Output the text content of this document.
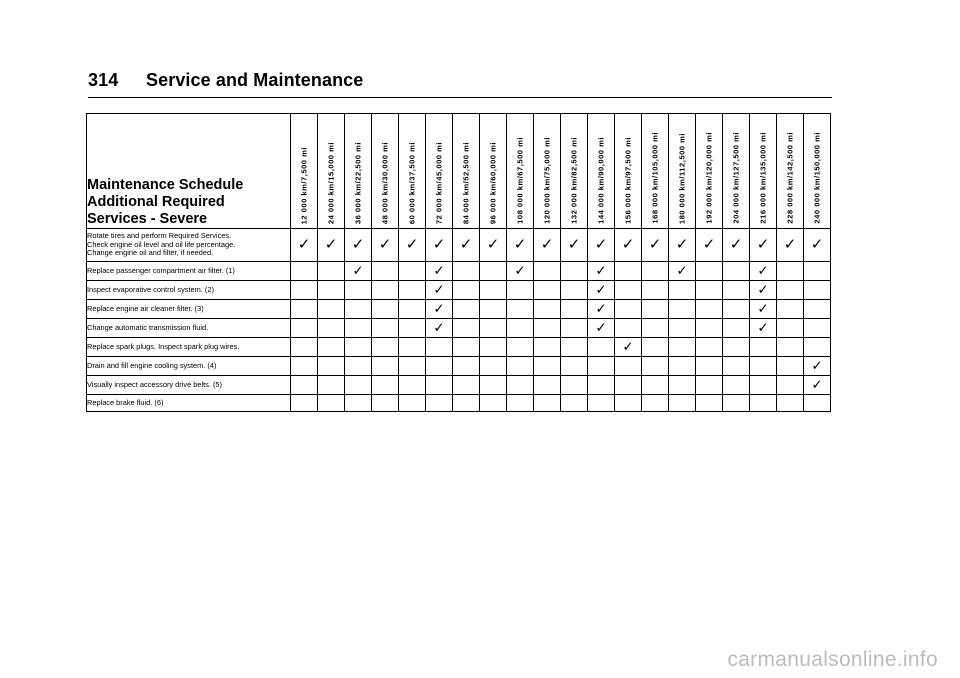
314 Service and Maintenance
Maintenance Schedule
Additional Required
Services - Severe	12 000 km/7,500 mi	24 000 km/15,000 mi	36 000 km/22,500 mi	48 000 km/30,000 mi	60 000 km/37,500 mi	72 000 km/45,000 mi	84 000 km/52,500 mi	96 000 km/60,000 mi	108 000 km/67,500 mi	120 000 km/75,000 mi	132 000 km/82,500 mi	144 000 km/90,000 mi	156 000 km/97,500 mi	168 000 km/105,000 mi	180 000 km/112,500 mi	192 000 km/120,000 mi	204 000 km/127,500 mi	216 000 km/135,000 mi	228 000 km/142,500 mi	240 000 km/150,000 mi

Rotate tires and perform Required Services.
Check engine oil level and oil life percentage.
Change engine oil and filter, if needed.	✓	✓	✓	✓	✓	✓	✓	✓	✓	✓	✓	✓	✓	✓	✓	✓	✓	✓	✓	✓

Replace passenger compartment air filter. (1)			✓			✓			✓			✓			✓			✓		

Inspect evaporative control system. (2)						✓						✓						✓		

Replace engine air cleaner filter. (3)						✓						✓						✓		

Change automatic transmission fluid.						✓						✓						✓		

Replace spark plugs. Inspect spark plug wires.													✓							

Drain and fill engine cooling system. (4)																				✓

Visually inspect accessory drive belts. (5)																				✓

Replace brake fluid. (6)																				

carmanualsonline.info
